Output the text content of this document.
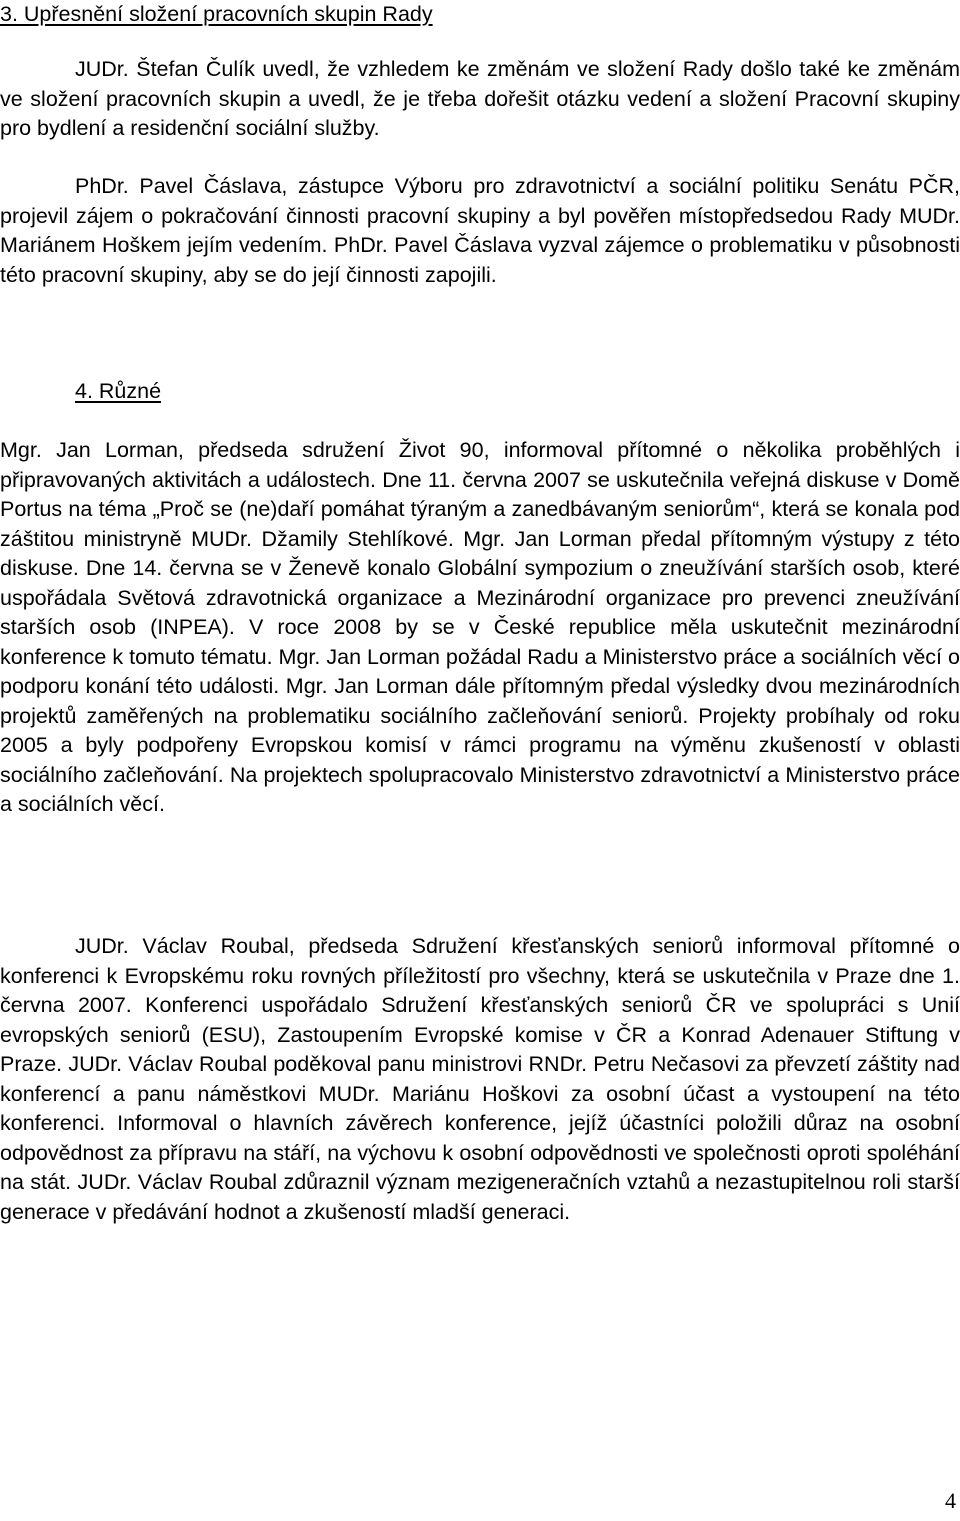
3. Upřesnění složení pracovních skupin Rady

JUDr. Štefan Čulík uvedl, že vzhledem ke změnám ve složení Rady došlo také ke změnám ve složení pracovních skupin a uvedl, že je třeba dořešit otázku vedení a složení Pracovní skupiny pro bydlení a residenční sociální služby.

PhDr. Pavel Čáslava, zástupce Výboru pro zdravotnictví a sociální politiku Senátu PČR, projevil zájem o pokračování činnosti pracovní skupiny a byl pověřen místopředsedou Rady MUDr. Mariánem Hoškem jejím vedením. PhDr. Pavel Čáslava vyzval zájemce o problematiku v působnosti této pracovní skupiny, aby se do její činnosti zapojili.

4. Různé

Mgr. Jan Lorman, předseda sdružení Život 90, informoval přítomné o několika proběhlých i připravovaných aktivitách a událostech. Dne 11. června 2007 se uskutečnila veřejná diskuse v Domě Portus na téma „Proč se (ne)daří pomáhat týraným a zanedbávaným seniorům“, která se konala pod záštitou ministryně MUDr. Džamily Stehlíkové. Mgr. Jan Lorman předal přítomným výstupy z této diskuse. Dne 14. června se v Ženevě konalo Globální sympozium o zneužívání starších osob, které uspořádala Světová zdravotnická organizace a Mezinárodní organizace pro prevenci zneužívání starších osob (INPEA). V roce 2008 by se v České republice měla uskutečnit mezinárodní konference k tomuto tématu. Mgr. Jan Lorman požádal Radu a Ministerstvo práce a sociálních věcí o podporu konání této události. Mgr. Jan Lorman dále přítomným předal výsledky dvou mezinárodních projektů zaměřených na problematiku sociálního začleňování seniorů. Projekty probíhaly od roku 2005 a byly podpořeny Evropskou komisí v rámci programu na výměnu zkušeností v oblasti sociálního začleňování. Na projektech spolupracovalo Ministerstvo zdravotnictví a Ministerstvo práce a sociálních věcí.

JUDr. Václav Roubal, předseda Sdružení křesťanských seniorů informoval přítomné o konferenci k Evropskému roku rovných příležitostí pro všechny, která se uskutečnila v Praze dne 1. června 2007. Konferenci uspořádalo Sdružení křesťanských seniorů ČR ve spolupráci s Unií evropských seniorů (ESU), Zastoupením Evropské komise v ČR a Konrad Adenauer Stiftung v Praze. JUDr. Václav Roubal poděkoval panu ministrovi RNDr. Petru Nečasovi za převzetí záštity nad konferencí a panu náměstkovi MUDr. Mariánu Hoškovi za osobní účast a vystoupení na této konferenci. Informoval o hlavních závěrech konference, jejíž účastníci položili důraz na osobní odpovědnost za přípravu na stáří, na výchovu k osobní odpovědnosti ve společnosti oproti spoléhání na stát. JUDr. Václav Roubal zdůraznil význam mezigeneračních vztahů a nezastupitelnou roli starší generace v předávání hodnot a zkušeností mladší generaci.

4
